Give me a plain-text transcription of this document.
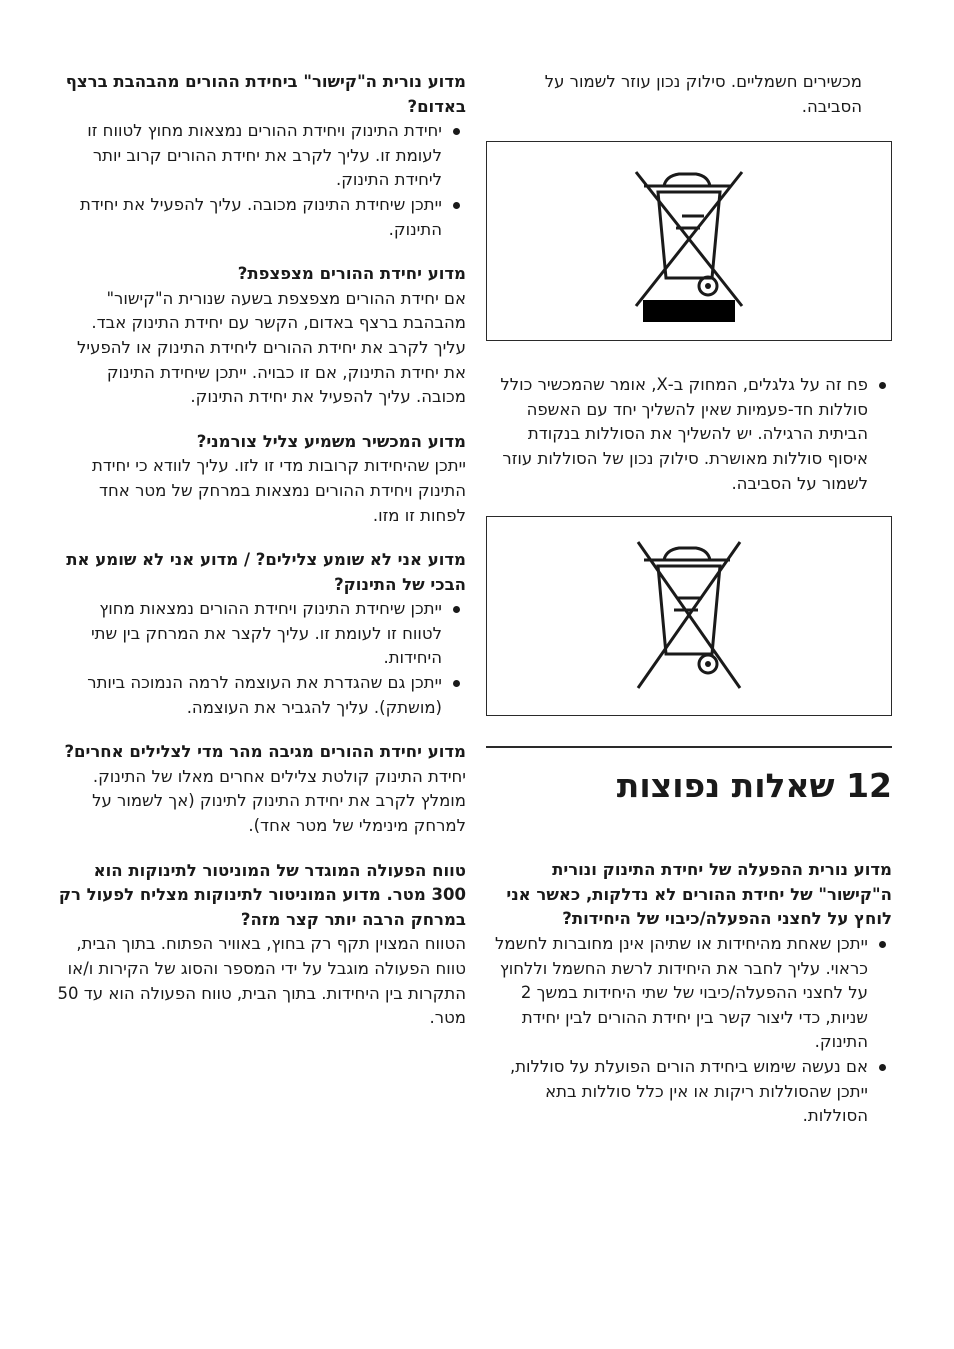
מכשירים חשמליים. סילוק נכון עוזר לשמור על הסביבה.

פח זה על גלגלים, המחוק ב-X, אומר שהמכשיר כולל סוללות חד-פעמיות שאין להשליך יחד עם האשפה הביתית הרגילה. יש להשליך את הסוללות בנקודת איסוף סוללות מאושרת. סילוק נכון של הסוללות עוזר לשמור על הסביבה.
12 שאלות נפוצות

מדוע נורית ההפעלה של יחידת התינוק ונורית ה"קישור" של יחידת ההורים לא נדלקות, כאשר אני לוחץ על לחצני ההפעלה/כיבוי של היחידות?

ייתכן שאחת מהיחידות או שתיהן אינן מחוברות לחשמל כראוי. עליך לחבר את היחידות לרשת החשמל וללחוץ על לחצני ההפעלה/כיבוי של שתי היחידות במשך 2 שניות, כדי ליצור קשר בין יחידת ההורים לבין יחידת התינוק.
אם נעשה שימוש ביחידת הורים הפועלת על סוללות, ייתכן שהסוללות ריקות או אין כלל סוללות בתא הסוללות.

מדוע נורית ה"קישור" ביחידת ההורים מהבהבת ברצף באדום?

יחידת התינוק ויחידת ההורים נמצאות מחוץ לטווח זו לעומת זו. עליך לקרב את יחידת ההורים קרוב יותר ליחידת התינוק.
ייתכן שיחידת התינוק מכובה. עליך להפעיל את יחידת התינוק.

מדוע יחידת ההורים מצפצפת?

אם יחידת ההורים מצפצפת בשעה שנורית ה"קישור" מהבהבת ברצף באדום, הקשר עם יחידת התינוק אבד. עליך לקרב את יחידת ההורים ליחידת התינוק או להפעיל את יחידת התינוק, אם זו כבויה. ייתכן שיחידת התינוק מכובה. עליך להפעיל את יחידת התינוק.

מדוע המכשיר משמיע צליל צורמני?

ייתכן שהיחידות קרובות מדי זו לזו. עליך לוודא כי יחידת התינוק ויחידת ההורים נמצאות במרחק של מטר אחד לפחות זו מזו.

מדוע אני לא שומע צלילים? / מדוע אני לא שומע את הבכי של התינוק?

ייתכן שיחידת התינוק ויחידת ההורים נמצאות מחוץ לטווח זו לעומת זו. עליך לקצר את המרחק בין שתי היחידות.
ייתכן גם שהגדרת את העוצמה לרמה הנמוכה ביותר (מושתק). עליך להגביר את העוצמה.

מדוע יחידת ההורים מגיבה מהר מדי לצלילים אחרים?

יחידת התינוק קולטת צלילים אחרים מאלו של התינוק. מומלץ לקרב את יחידת התינוק לתינוק (אך לשמור על למרחק מינימלי של מטר אחד).

טווח הפעולה המוגדר של המוניטור לתינוקות הוא 300 מטר. מדוע המוניטור לתינוקות מצליח לפעול רק במרחק הרבה יותר קצר מזה?

הטווח המצוין תקף רק בחוץ, באוויר הפתוח. בתוך הבית, טווח הפעולה מוגבל על ידי המספר והסוג של הקירות ו/או התקרות בין היחידות. בתוך הבית, טווח הפעולה הוא עד 50 מטר.
